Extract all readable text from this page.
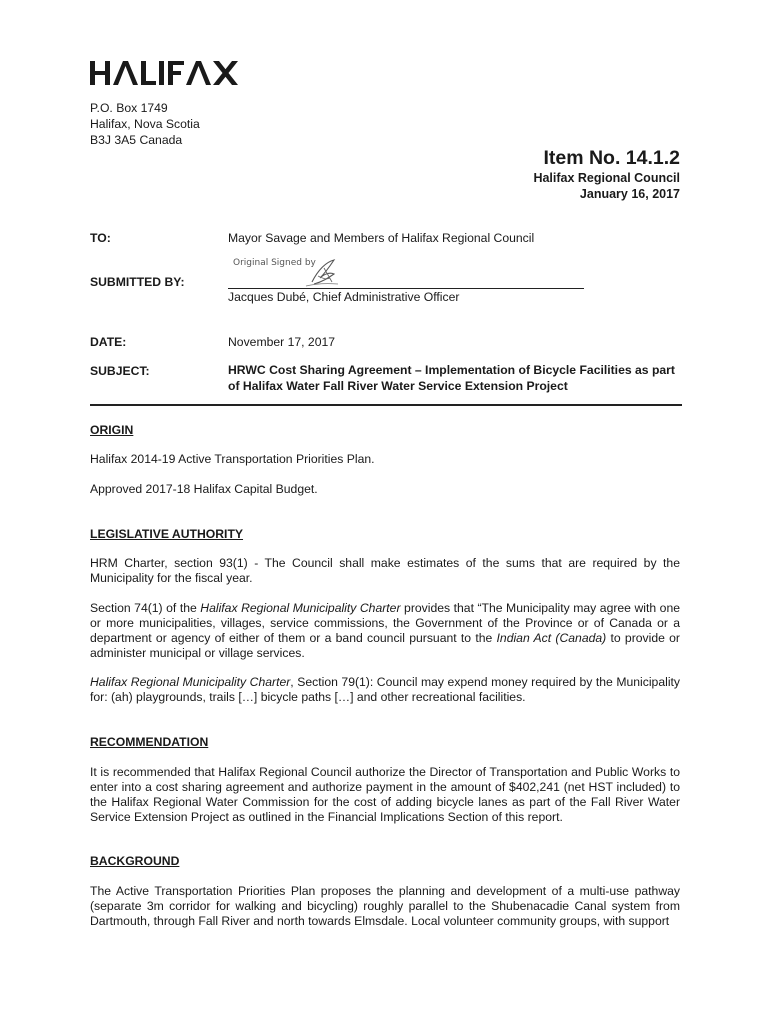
P.O. Box 1749
Halifax, Nova Scotia
B3J 3A5 Canada
Item No. 14.1.2
Halifax Regional Council
January 16, 2017
TO:	Mayor Savage and Members of Halifax Regional Council
Original Signed by
SUBMITTED BY:
Jacques Dubé, Chief Administrative Officer
DATE:	November 17, 2017
SUBJECT:	HRWC Cost Sharing Agreement – Implementation of Bicycle Facilities as part of Halifax Water Fall River Water Service Extension Project
ORIGIN
Halifax 2014-19 Active Transportation Priorities Plan.
Approved 2017-18 Halifax Capital Budget.
LEGISLATIVE AUTHORITY
HRM Charter, section 93(1) - The Council shall make estimates of the sums that are required by the Municipality for the fiscal year.
Section 74(1) of the Halifax Regional Municipality Charter provides that “The Municipality may agree with one or more municipalities, villages, service commissions, the Government of the Province or of Canada or a department or agency of either of them or a band council pursuant to the Indian Act (Canada) to provide or administer municipal or village services.
Halifax Regional Municipality Charter, Section 79(1): Council may expend money required by the Municipality for: (ah) playgrounds, trails […] bicycle paths […] and other recreational facilities.
RECOMMENDATION
It is recommended that Halifax Regional Council authorize the Director of Transportation and Public Works to enter into a cost sharing agreement and authorize payment in the amount of $402,241 (net HST included) to the Halifax Regional Water Commission for the cost of adding bicycle lanes as part of the Fall River Water Service Extension Project as outlined in the Financial Implications Section of this report.
BACKGROUND
The Active Transportation Priorities Plan proposes the planning and development of a multi-use pathway (separate 3m corridor for walking and bicycling) roughly parallel to the Shubenacadie Canal system from Dartmouth, through Fall River and north towards Elmsdale. Local volunteer community groups, with support
